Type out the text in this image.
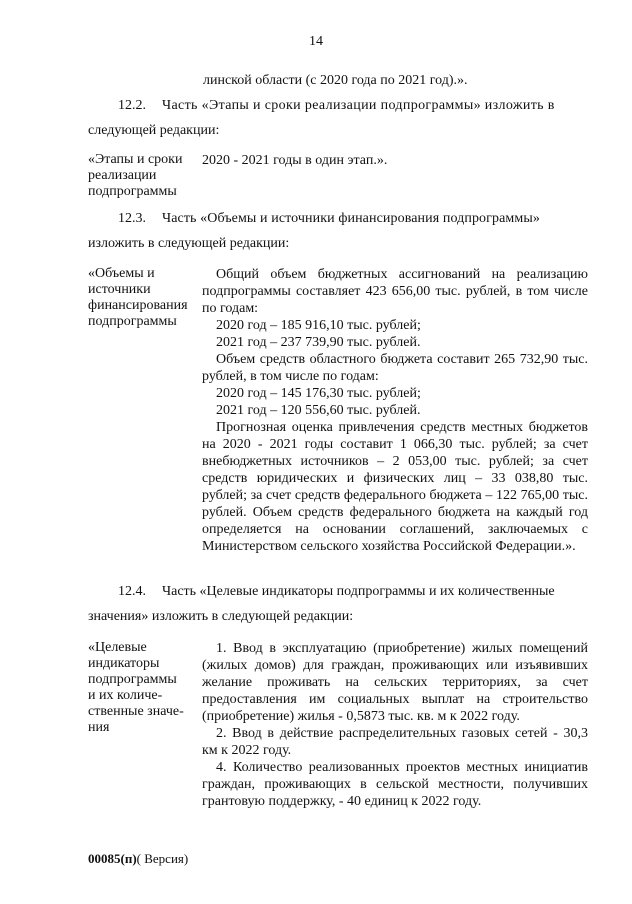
14
линской области (с 2020 года по 2021 год).».
12.2. Часть «Этапы и сроки реализации подпрограммы» изложить в
следующей редакции:
«Этапы и сроки
реализации
подпрограммы

2020 - 2021 годы в один этап.».

12.3. Часть «Объемы и источники финансирования подпрограммы»
изложить в следующей редакции:
«Объемы и
источники
финансирования
подпрограммы

Общий объем бюджетных ассигнований на реализацию подпрограммы составляет 423 656,00 тыс. рублей, в том числе по годам:

2020 год – 185 916,10 тыс. рублей;

2021 год – 237 739,90 тыс. рублей.

Объем средств областного бюджета составит 265 732,90 тыс. рублей, в том числе по годам:

2020 год – 145 176,30 тыс. рублей;

2021 год – 120 556,60 тыс. рублей.

Прогнозная оценка привлечения средств местных бюджетов на 2020 - 2021 годы составит 1 066,30 тыс. рублей; за счет внебюджетных источников – 2 053,00 тыс. рублей; за счет средств юридических и физических лиц – 33 038,80 тыс. рублей; за счет средств федерального бюджета – 122 765,00 тыс. рублей. Объем средств федерального бюджета на каждый год определяется на основании соглашений, заключаемых с Министерством сельского хозяйства Российской Федерации.».

12.4. Часть «Целевые индикаторы подпрограммы и их количественные
значения» изложить в следующей редакции:
«Целевые
индикаторы
подпрограммы
и их количе-
ственные значе-
ния

1. Ввод в эксплуатацию (приобретение) жилых помещений (жилых домов) для граждан, проживающих или изъявивших желание проживать на сельских территориях, за счет предоставления им социальных выплат на строительство (приобретение) жилья - 0,5873 тыс. кв. м к 2022 году.

2. Ввод в действие распределительных газовых сетей - 30,3 км к 2022 году.

4. Количество реализованных проектов местных инициатив граждан, проживающих в сельской местности, получивших грантовую поддержку, - 40 единиц к 2022 году.

00085(п)( Версия)
